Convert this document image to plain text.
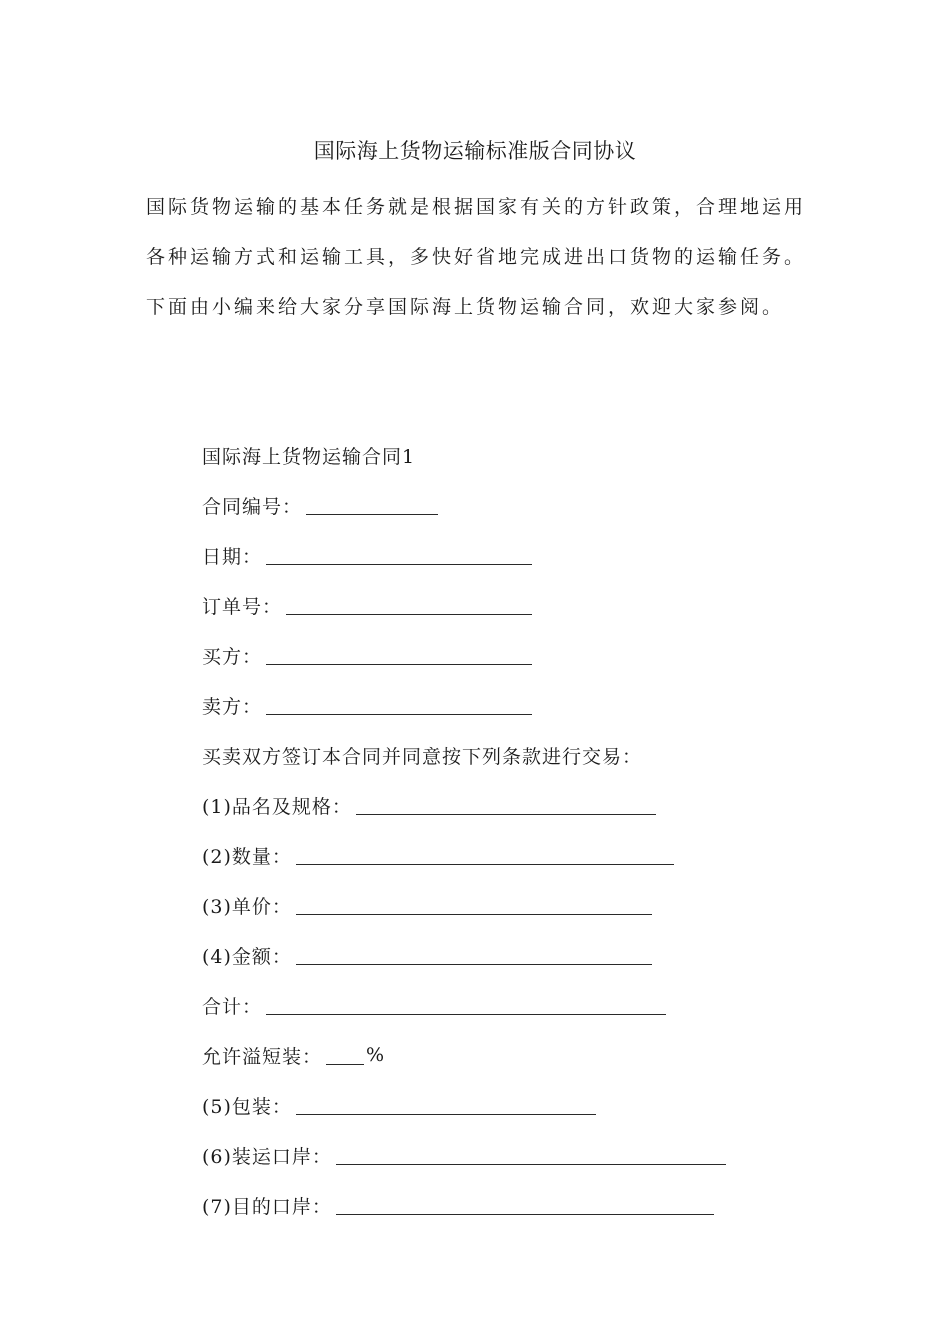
国际海上货物运输标准版合同协议
国际货物运输的基本任务就是根据国家有关的方针政策，合理地运用各种运输方式和运输工具，多快好省地完成进出口货物的运输任务。下面由小编来给大家分享国际海上货物运输合同，欢迎大家参阅。
国际海上货物运输合同1
合同编号：
日期：
订单号：
买方：
卖方：
买卖双方签订本合同并同意按下列条款进行交易：
(1)品名及规格：
(2)数量：
(3)单价：
(4)金额：
合计：
允许溢短装： %
(5)包装：
(6)装运口岸：
(7)目的口岸：
